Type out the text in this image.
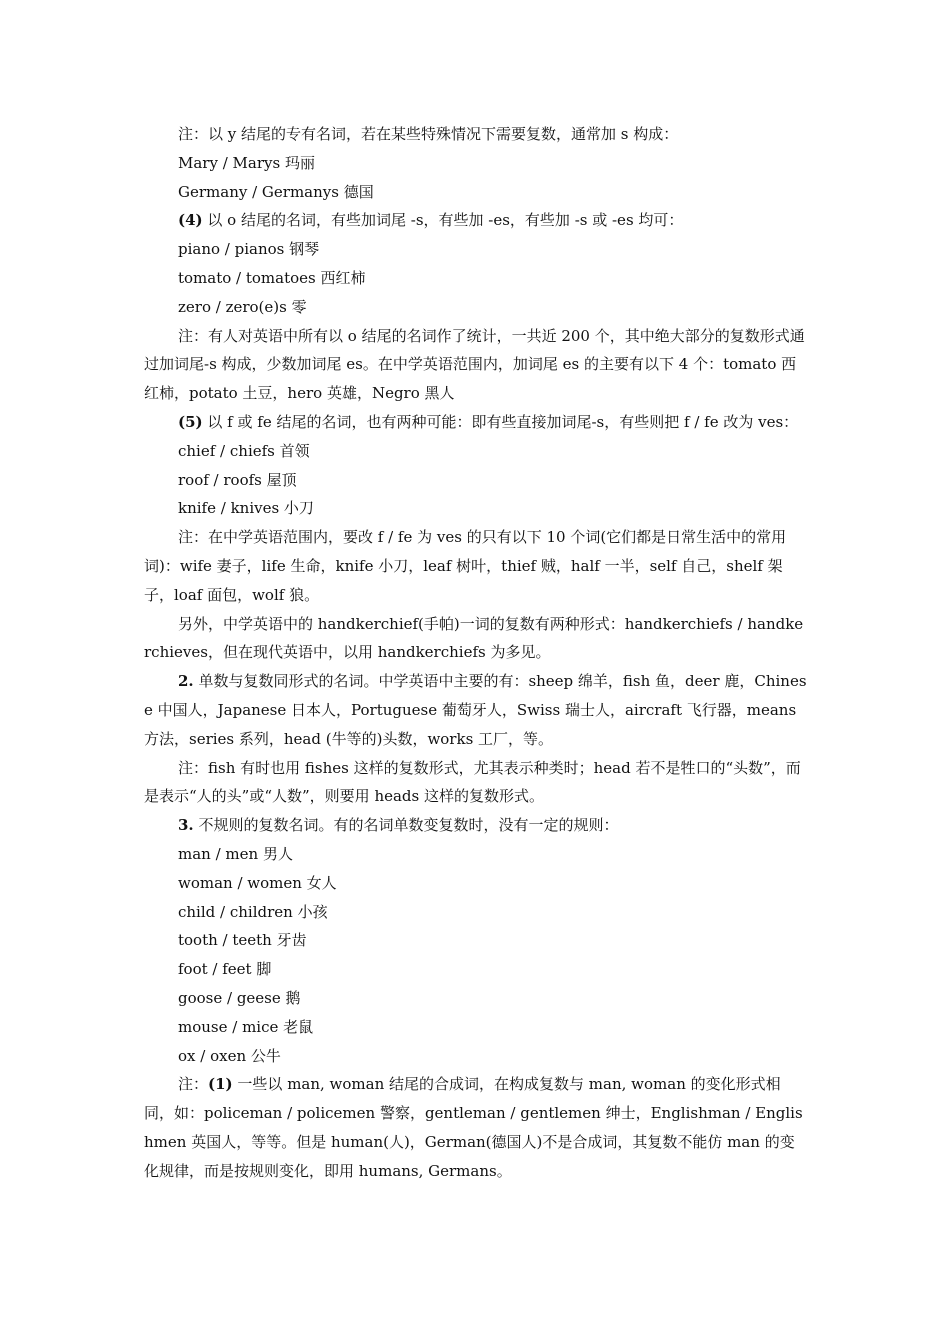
注：以 y 结尾的专有名词，若在某些特殊情况下需要复数，通常加 s 构成：

Mary / Marys 玛丽

Germany / Germanys 德国

(4) 以 o 结尾的名词，有些加词尾 -s，有些加 -es，有些加 -s 或 -es 均可：

piano / pianos 钢琴

tomato / tomatoes 西红柿

zero / zero(e)s 零

注：有人对英语中所有以 o 结尾的名词作了统计，一共近 200 个，其中绝大部分的复数形式通过加词尾-s 构成，少数加词尾 es。在中学英语范围内，加词尾 es 的主要有以下 4 个：tomato 西红柿，potato 土豆，hero 英雄，Negro 黑人

(5) 以 f 或 fe 结尾的名词，也有两种可能：即有些直接加词尾-s，有些则把 f / fe 改为 ves：

chief / chiefs 首领

roof / roofs 屋顶

knife / knives 小刀

注：在中学英语范围内，要改 f / fe 为 ves 的只有以下 10 个词(它们都是日常生活中的常用词)：wife 妻子，life 生命，knife 小刀，leaf 树叶，thief 贼，half 一半，self 自己，shelf 架子，loaf 面包，wolf 狼。

另外，中学英语中的 handkerchief(手帕)一词的复数有两种形式：handkerchiefs / handkerchieves，但在现代英语中，以用 handkerchiefs 为多见。

2. 单数与复数同形式的名词。中学英语中主要的有：sheep 绵羊，fish 鱼，deer 鹿，Chinese 中国人，Japanese 日本人，Portuguese 葡萄牙人，Swiss 瑞士人，aircraft 飞行器，means 方法，series 系列，head (牛等的)头数，works 工厂，等。

注：fish 有时也用 fishes 这样的复数形式，尤其表示种类时；head 若不是牲口的“头数”，而是表示“人的头”或“人数”，则要用 heads 这样的复数形式。

3. 不规则的复数名词。有的名词单数变复数时，没有一定的规则：

man / men 男人

woman / women 女人

child / children 小孩

tooth / teeth 牙齿

foot / feet 脚

goose / geese 鹅

mouse / mice 老鼠

ox / oxen 公牛

注：(1) 一些以 man, woman 结尾的合成词，在构成复数与 man, woman 的变化形式相同，如：policeman / policemen 警察，gentleman / gentlemen 绅士，Englishman / Englishmen 英国人，等等。但是 human(人)，German(德国人)不是合成词，其复数不能仿 man 的变化规律，而是按规则变化，即用 humans, Germans。
